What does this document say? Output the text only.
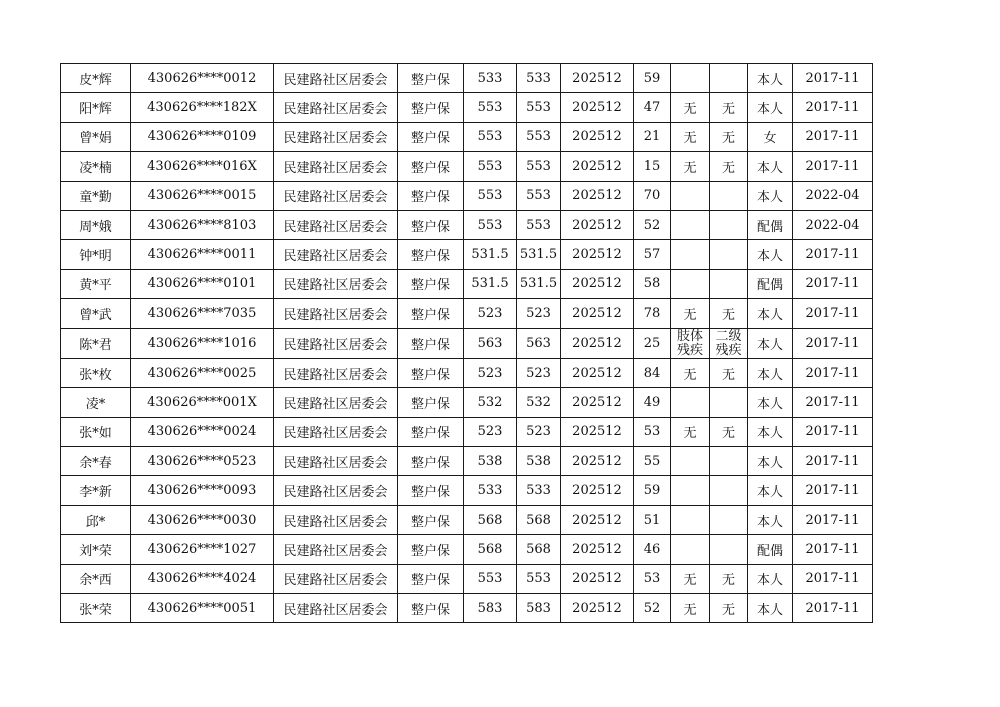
皮*辉	430626****0012	民建路社区居委会	整户保	533	533	202512	59			本人	2017-11
阳*辉	430626****182X	民建路社区居委会	整户保	553	553	202512	47	无	无	本人	2017-11
曾*娟	430626****0109	民建路社区居委会	整户保	553	553	202512	21	无	无	女	2017-11
凌*楠	430626****016X	民建路社区居委会	整户保	553	553	202512	15	无	无	本人	2017-11
童*勤	430626****0015	民建路社区居委会	整户保	553	553	202512	70			本人	2022-04
周*娥	430626****8103	民建路社区居委会	整户保	553	553	202512	52			配偶	2022-04
钟*明	430626****0011	民建路社区居委会	整户保	531.5	531.5	202512	57			本人	2017-11
黄*平	430626****0101	民建路社区居委会	整户保	531.5	531.5	202512	58			配偶	2017-11
曾*武	430626****7035	民建路社区居委会	整户保	523	523	202512	78	无	无	本人	2017-11
陈*君	430626****1016	民建路社区居委会	整户保	563	563	202512	25	肢体残疾	二级残疾	本人	2017-11
张*枚	430626****0025	民建路社区居委会	整户保	523	523	202512	84	无	无	本人	2017-11
凌*	430626****001X	民建路社区居委会	整户保	532	532	202512	49			本人	2017-11
张*如	430626****0024	民建路社区居委会	整户保	523	523	202512	53	无	无	本人	2017-11
余*春	430626****0523	民建路社区居委会	整户保	538	538	202512	55			本人	2017-11
李*新	430626****0093	民建路社区居委会	整户保	533	533	202512	59			本人	2017-11
邱*	430626****0030	民建路社区居委会	整户保	568	568	202512	51			本人	2017-11
刘*荣	430626****1027	民建路社区居委会	整户保	568	568	202512	46			配偶	2017-11
余*西	430626****4024	民建路社区居委会	整户保	553	553	202512	53	无	无	本人	2017-11
张*荣	430626****0051	民建路社区居委会	整户保	583	583	202512	52	无	无	本人	2017-11
